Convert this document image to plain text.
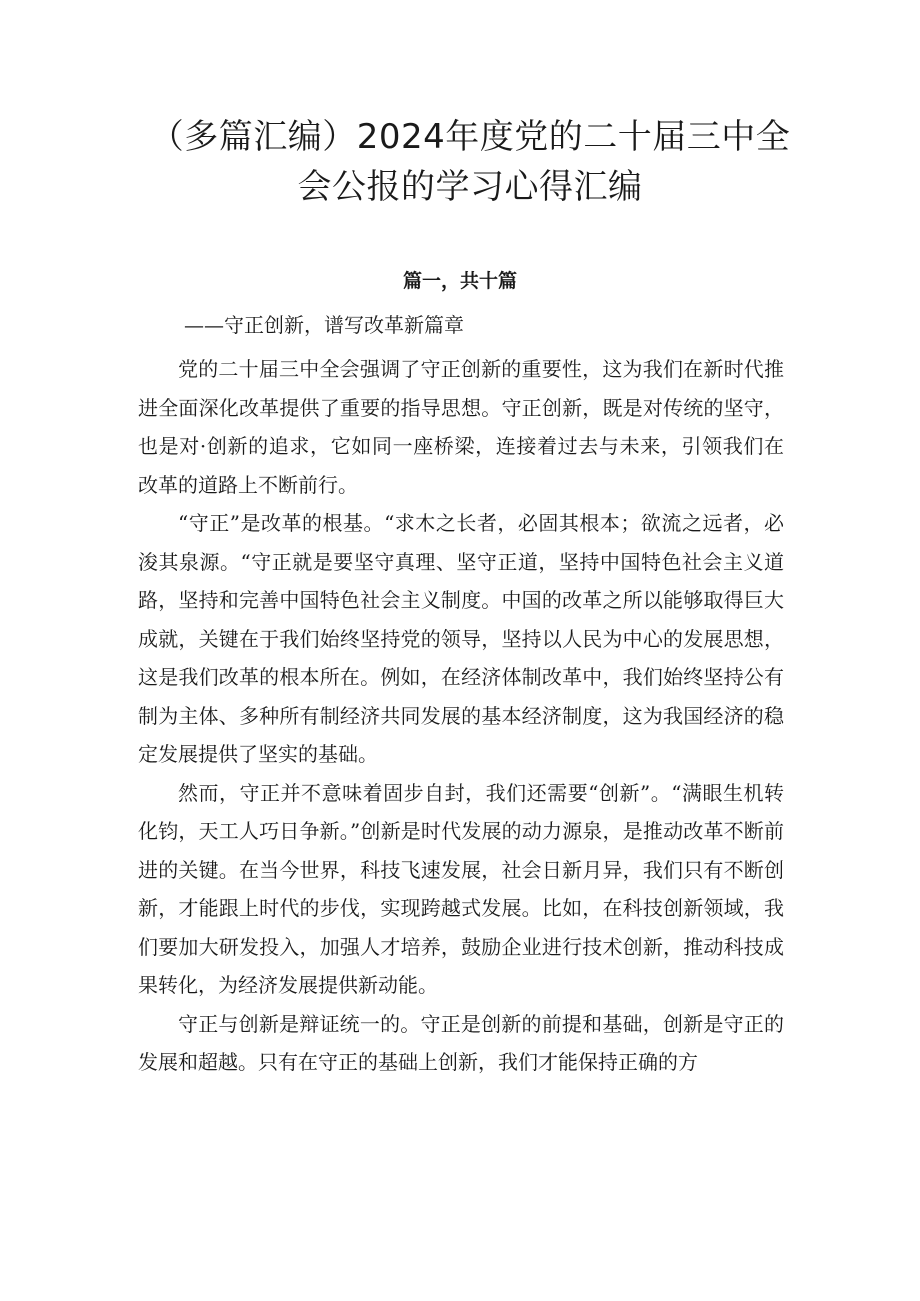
（多篇汇编）2024年度党的二十届三中全
会公报的学习心得汇编
篇一，共十篇

——守正创新，谱写改革新篇章

党的二十届三中全会强调了守正创新的重要性，这为我们在新时代推进全面深化改革提供了重要的指导思想。守正创新，既是对传统的坚守，也是对·创新的追求，它如同一座桥梁，连接着过去与未来，引领我们在改革的道路上不断前行。

“守正”是改革的根基。“求木之长者，必固其根本；欲流之远者，必浚其泉源。“守正就是要坚守真理、坚守正道，坚持中国特色社会主义道路，坚持和完善中国特色社会主义制度。中国的改革之所以能够取得巨大成就，关键在于我们始终坚持党的领导，坚持以人民为中心的发展思想，这是我们改革的根本所在。例如，在经济体制改革中，我们始终坚持公有制为主体、多种所有制经济共同发展的基本经济制度，这为我国经济的稳定发展提供了坚实的基础。

然而，守正并不意味着固步自封，我们还需要“创新”。“满眼生机转化钧，天工人巧日争新。”创新是时代发展的动力源泉，是推动改革不断前进的关键。在当今世界，科技飞速发展，社会日新月异，我们只有不断创新，才能跟上时代的步伐，实现跨越式发展。比如，在科技创新领域，我们要加大研发投入，加强人才培养，鼓励企业进行技术创新，推动科技成果转化，为经济发展提供新动能。

守正与创新是辩证统一的。守正是创新的前提和基础，创新是守正的发展和超越。只有在守正的基础上创新，我们才能保持正确的方
